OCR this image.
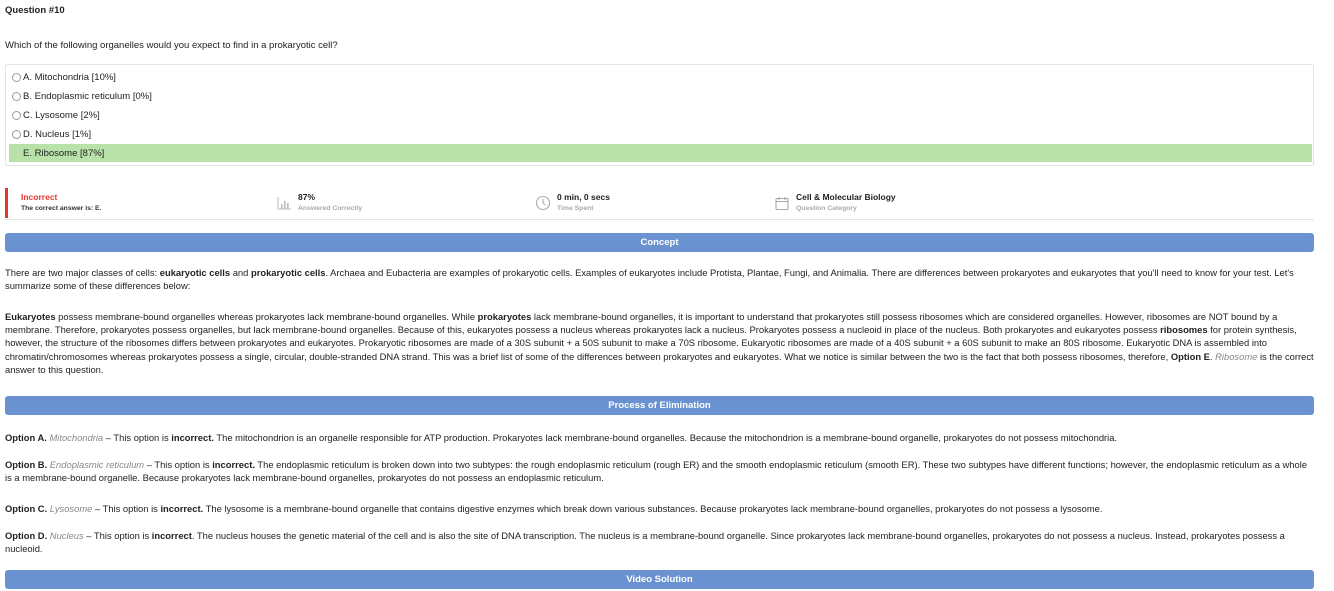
Question #10
Which of the following organelles would you expect to find in a prokaryotic cell?
A. Mitochondria [10%]
B. Endoplasmic reticulum [0%]
C. Lysosome [2%]
D. Nucleus [1%]
E. Ribosome [87%]
Incorrect
The correct answer is: E.
87%
Answered Correctly
0 min, 0 secs
Time Spent
Cell & Molecular Biology
Question Category
Concept
There are two major classes of cells: eukaryotic cells and prokaryotic cells. Archaea and Eubacteria are examples of prokaryotic cells. Examples of eukaryotes include Protista, Plantae, Fungi, and Animalia. There are differences between prokaryotes and eukaryotes that you'll need to know for your test. Let's summarize some of these differences below:
Eukaryotes possess membrane-bound organelles whereas prokaryotes lack membrane-bound organelles. While prokaryotes lack membrane-bound organelles, it is important to understand that prokaryotes still possess ribosomes which are considered organelles. However, ribosomes are NOT bound by a membrane. Therefore, prokaryotes possess organelles, but lack membrane-bound organelles. Because of this, eukaryotes possess a nucleus whereas prokaryotes lack a nucleus. Prokaryotes possess a nucleoid in place of the nucleus. Both prokaryotes and eukaryotes possess ribosomes for protein synthesis, however, the structure of the ribosomes differs between prokaryotes and eukaryotes. Prokaryotic ribosomes are made of a 30S subunit + a 50S subunit to make a 70S ribosome. Eukaryotic ribosomes are made of a 40S subunit + a 60S subunit to make an 80S ribosome. Eukaryotic DNA is assembled into chromatin/chromosomes whereas prokaryotes possess a single, circular, double-stranded DNA strand. This was a brief list of some of the differences between prokaryotes and eukaryotes. What we notice is similar between the two is the fact that both possess ribosomes, therefore, Option E. Ribosome is the correct answer to this question.
Process of Elimination
Option A. Mitochondria – This option is incorrect. The mitochondrion is an organelle responsible for ATP production. Prokaryotes lack membrane-bound organelles. Because the mitochondrion is a membrane-bound organelle, prokaryotes do not possess mitochondria.
Option B. Endoplasmic reticulum – This option is incorrect. The endoplasmic reticulum is broken down into two subtypes: the rough endoplasmic reticulum (rough ER) and the smooth endoplasmic reticulum (smooth ER). These two subtypes have different functions; however, the endoplasmic reticulum as a whole is a membrane-bound organelle. Because prokaryotes lack membrane-bound organelles, prokaryotes do not possess an endoplasmic reticulum.
Option C. Lysosome – This option is incorrect. The lysosome is a membrane-bound organelle that contains digestive enzymes which break down various substances. Because prokaryotes lack membrane-bound organelles, prokaryotes do not possess a lysosome.
Option D. Nucleus – This option is incorrect. The nucleus houses the genetic material of the cell and is also the site of DNA transcription. The nucleus is a membrane-bound organelle. Since prokaryotes lack membrane-bound organelles, prokaryotes do not possess a nucleus. Instead, prokaryotes possess a nucleoid.
Video Solution
